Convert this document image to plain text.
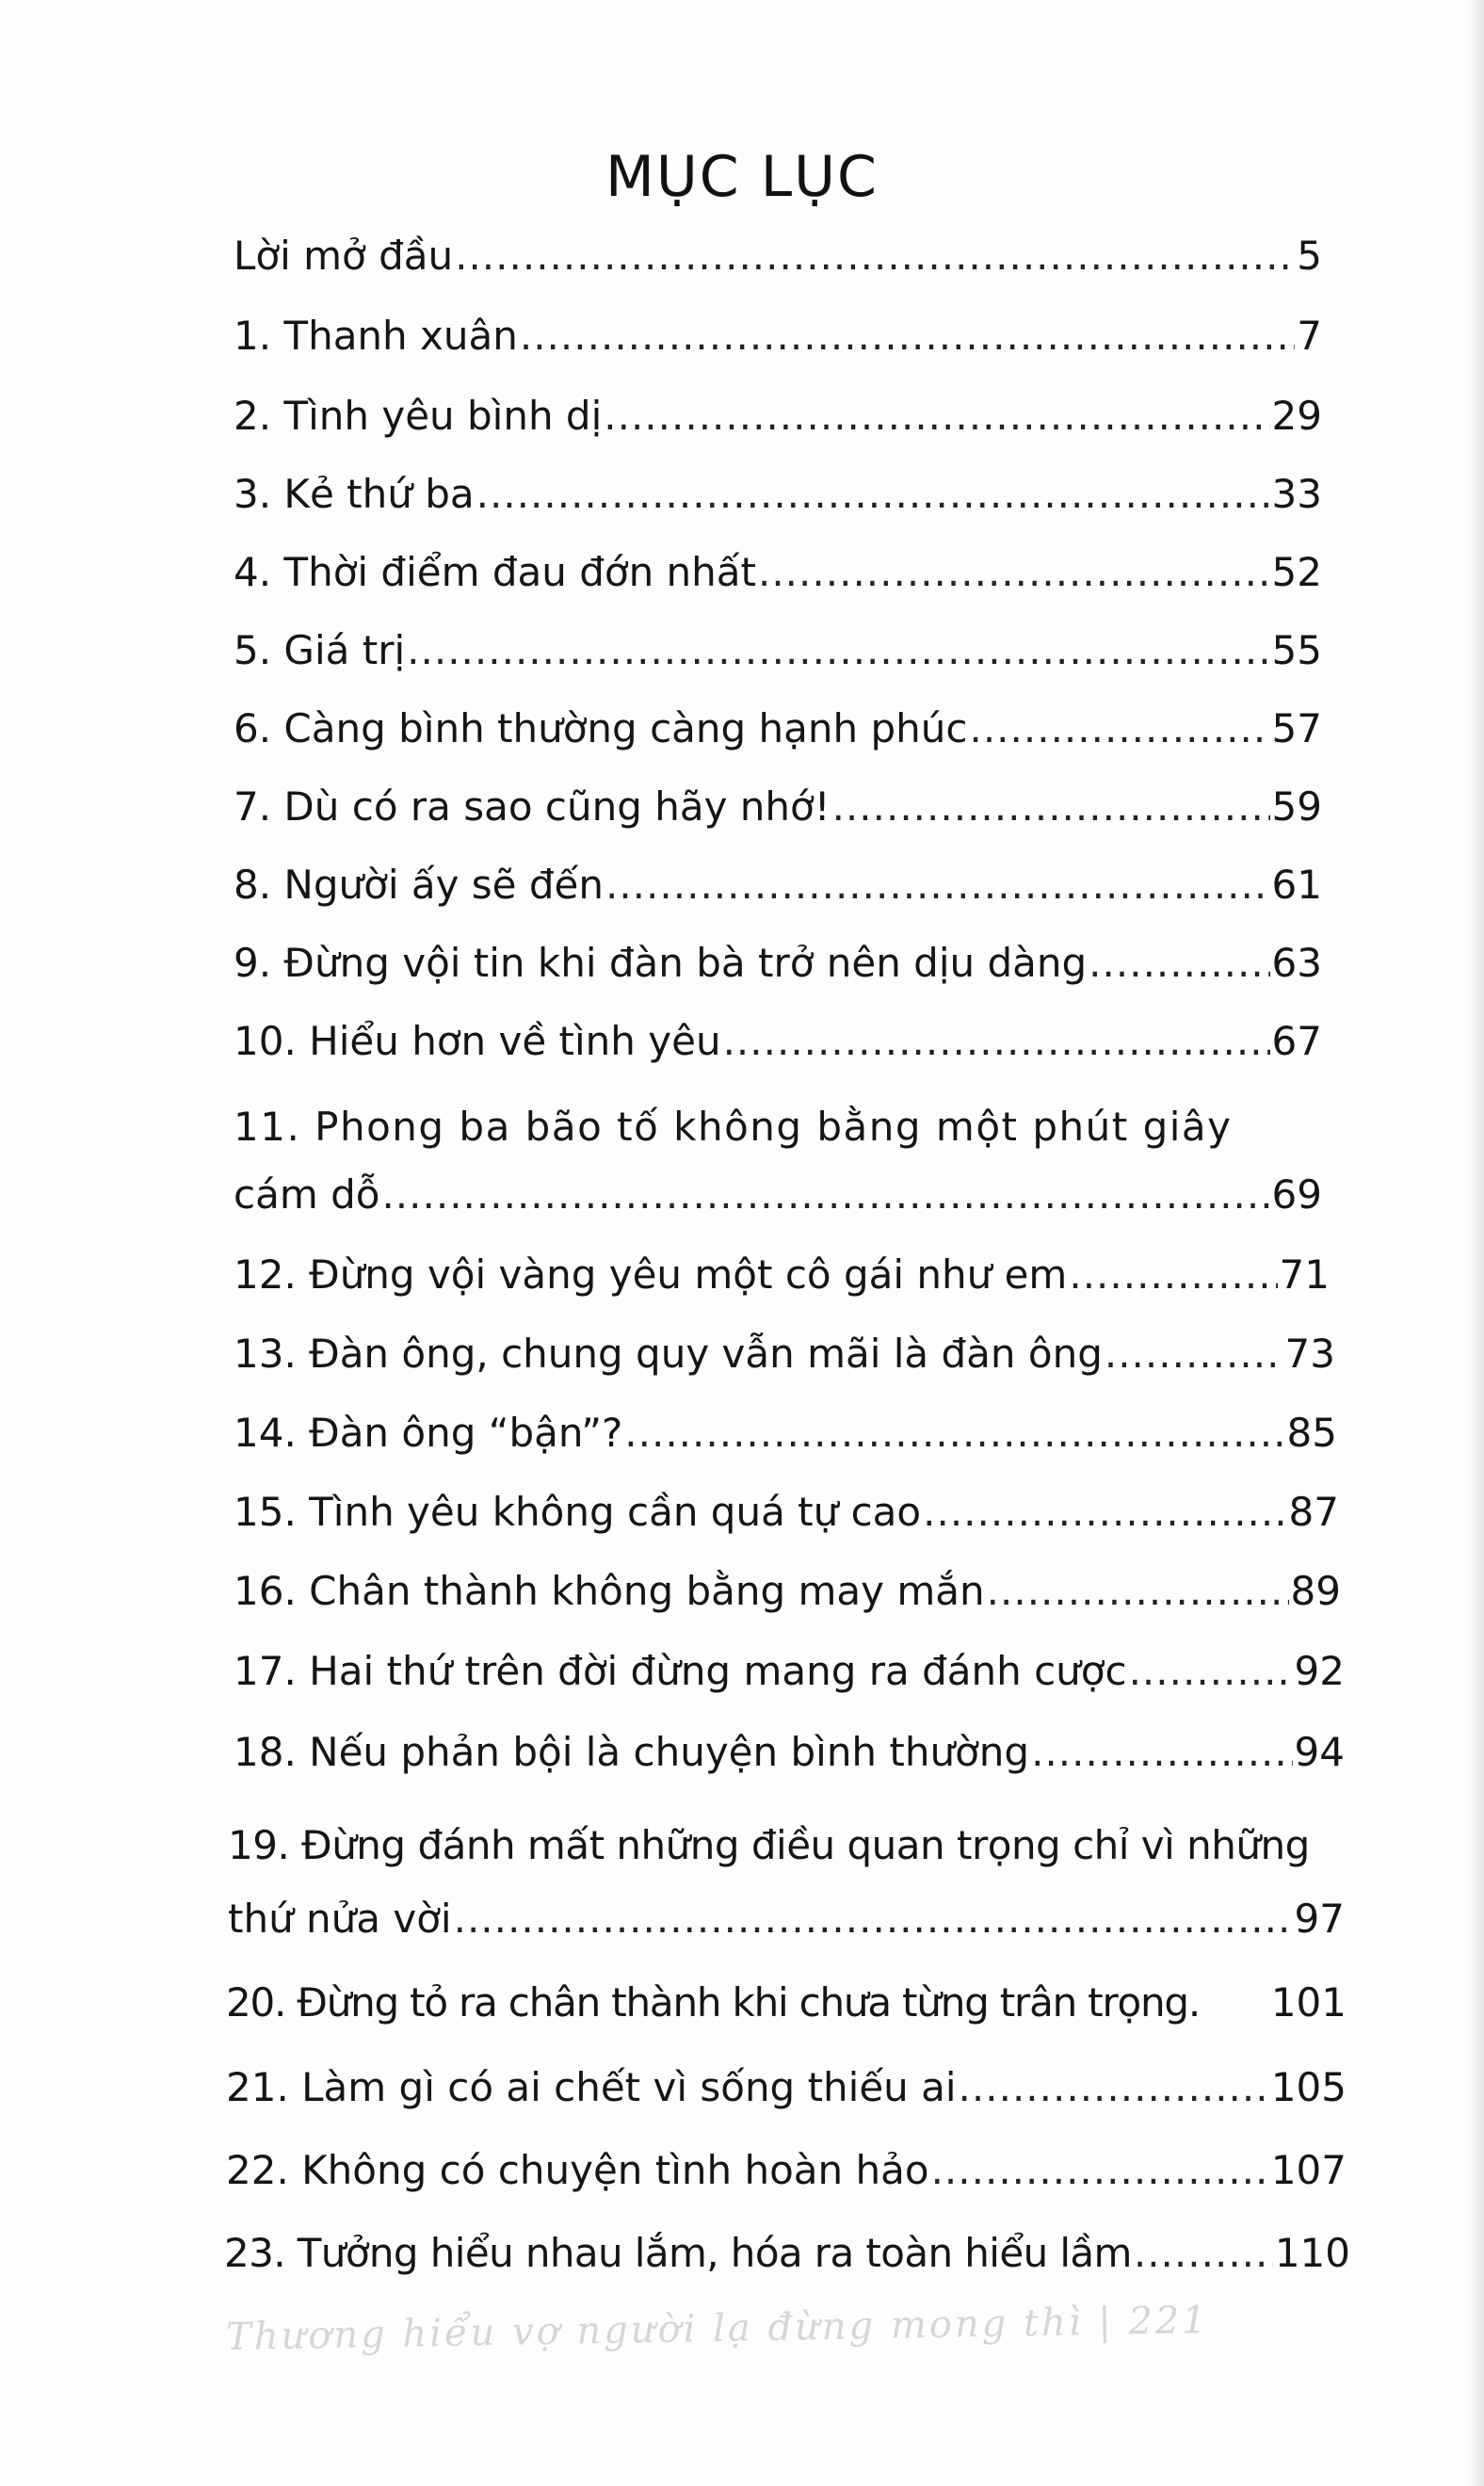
MỤC LỤC
Lời mở đầu .....	5
1. Thanh xuân .....	7
2. Tình yêu bình dị .....	29
3. Kẻ thứ ba .....	33
4. Thời điểm đau đớn nhất .....	52
5. Giá trị .....	55
6. Càng bình thường càng hạnh phúc .....	57
7. Dù có ra sao cũng hãy nhớ! .....	59
8. Người ấy sẽ đến .....	61
9. Đừng vội tin khi đàn bà trở nên dịu dàng .....	63
10. Hiểu hơn về tình yêu .....	67
11. Phong ba bão tố không bằng một phút giây
cám dỗ .....	69
12. Đừng vội vàng yêu một cô gái như em .....	71
13. Đàn ông, chung quy vẫn mãi là đàn ông .....	73
14. Đàn ông “bận”? .....	85
15. Tình yêu không cần quá tự cao .....	87
16. Chân thành không bằng may mắn .....	89
17. Hai thứ trên đời đừng mang ra đánh cược .....	92
18. Nếu phản bội là chuyện bình thường .....	94
19. Đừng đánh mất những điều quan trọng chỉ vì những
thứ nửa vời .....	97
20. Đừng tỏ ra chân thành khi chưa từng trân trọng. 101
21. Làm gì có ai chết vì sống thiếu ai .....	105
22. Không có chuyện tình hoàn hảo .....	107
23. Tưởng hiểu nhau lắm, hóa ra toàn hiểu lầm .....	110
Thương hiểu vợ người lạ đừng mong thì | 221
